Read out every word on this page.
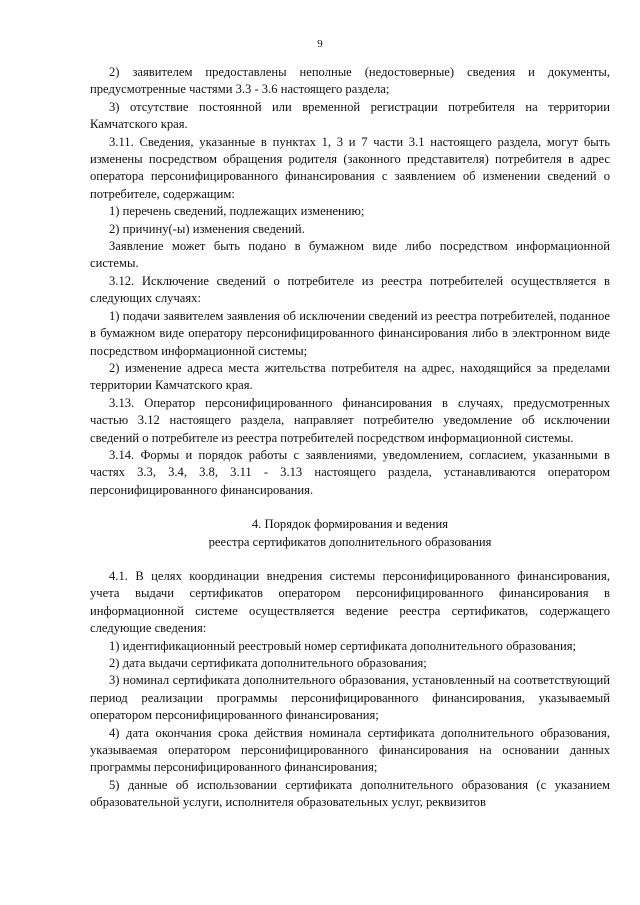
9

2) заявителем предоставлены неполные (недостоверные) сведения и документы, предусмотренные частями 3.3 - 3.6 настоящего раздела;

3) отсутствие постоянной или временной регистрации потребителя на территории Камчатского края.

3.11. Сведения, указанные в пунктах 1, 3 и 7 части 3.1 настоящего раздела, могут быть изменены посредством обращения родителя (законного представителя) потребителя в адрес оператора персонифицированного финансирования с заявлением об изменении сведений о потребителе, содержащим:

1) перечень сведений, подлежащих изменению;

2) причину(-ы) изменения сведений.

Заявление может быть подано в бумажном виде либо посредством информационной системы.

3.12. Исключение сведений о потребителе из реестра потребителей осуществляется в следующих случаях:

1) подачи заявителем заявления об исключении сведений из реестра потребителей, поданное в бумажном виде оператору персонифицированного финансирования либо в электронном виде посредством информационной системы;

2) изменение адреса места жительства потребителя на адрес, находящийся за пределами территории Камчатского края.

3.13. Оператор персонифицированного финансирования в случаях, предусмотренных частью 3.12 настоящего раздела, направляет потребителю уведомление об исключении сведений о потребителе из реестра потребителей посредством информационной системы.

3.14. Формы и порядок работы с заявлениями, уведомлением, согласием, указанными в частях 3.3, 3.4, 3.8, 3.11 - 3.13 настоящего раздела, устанавливаются оператором персонифицированного финансирования.

4. Порядок формирования и ведения

реестра сертификатов дополнительного образования

4.1. В целях координации внедрения системы персонифицированного финансирования, учета выдачи сертификатов оператором персонифицированного финансирования в информационной системе осуществляется ведение реестра сертификатов, содержащего следующие сведения:

1) идентификационный реестровый номер сертификата дополнительного образования;

2) дата выдачи сертификата дополнительного образования;

3) номинал сертификата дополнительного образования, установленный на соответствующий период реализации программы персонифицированного финансирования, указываемый оператором персонифицированного финансирования;

4) дата окончания срока действия номинала сертификата дополнительного образования, указываемая оператором персонифицированного финансирования на основании данных программы персонифицированного финансирования;

5) данные об использовании сертификата дополнительного образования (с указанием образовательной услуги, исполнителя образовательных услуг, реквизитов
